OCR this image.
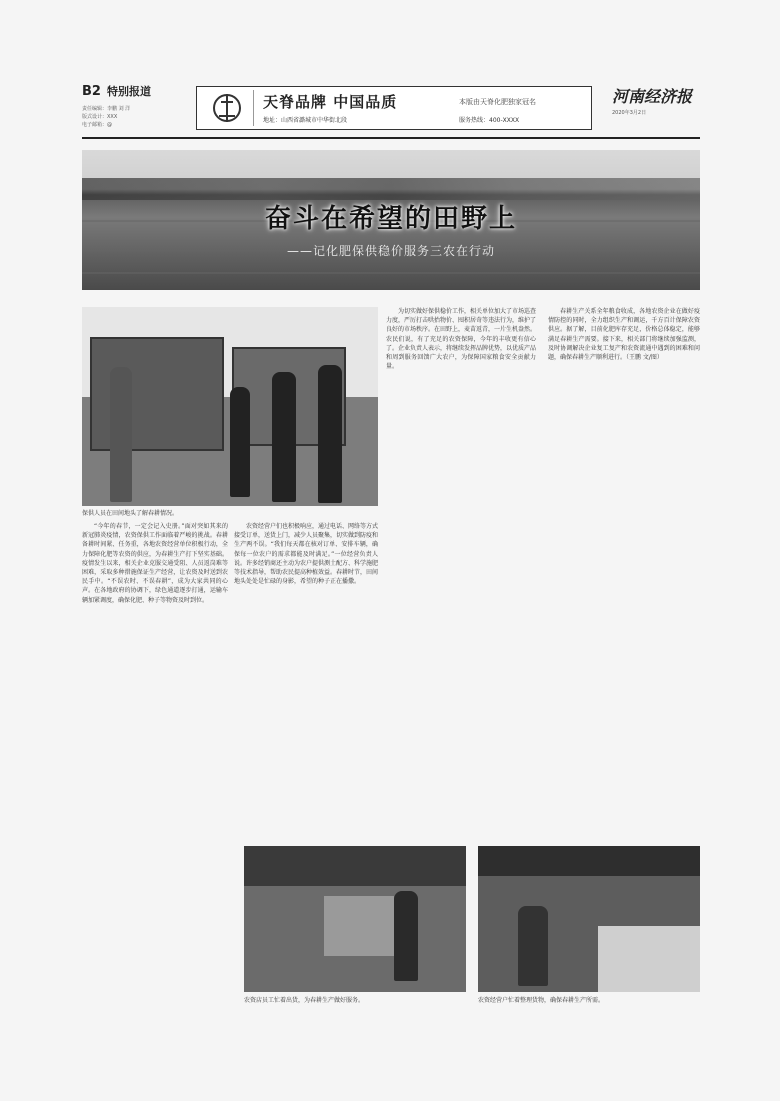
B2 特别报道
责任编辑：李鹏 刘 洋
版式设计：XXX
电子邮箱：@
天脊品牌 中国品质	本版由天脊化肥独家冠名
地址：山西省潞城市中华街北段	服务热线：400-XXXX
河南经济报
2020年3月2日
奋斗在希望的田野上
——记化肥保供稳价服务三农在行动
保供人员在田间地头了解春耕情况。

“今年的春节，一定会记入史册。”面对突如其来的新冠肺炎疫情，农资保供工作面临着严峻的挑战。春耕备耕时间紧、任务重，各地农资经营单位积极行动，全力保障化肥等农资的供应，为春耕生产打下坚实基础。疫情发生以来，相关企业克服交通受阻、人员返岗难等困难，采取多种措施保证生产经营，让农资及时送到农民手中。“不误农时、不误春耕”，成为大家共同的心声。在各地政府的协调下，绿色通道逐步打通，运输车辆加紧调度，确保化肥、种子等物资及时到位。

农资经营户们也积极响应，通过电话、网络等方式接受订单，送货上门，减少人员聚集，切实做到防疫和生产两不误。“我们每天都在核对订单、安排车辆，确保每一位农户的需求都能及时满足。”一位经营负责人说。许多经销商还主动为农户提供测土配方、科学施肥等技术指导，帮助农民提高种植效益。春耕时节，田间地头处处是忙碌的身影，希望的种子正在播撒。

为切实做好保供稳价工作，相关单位加大了市场巡查力度，严厉打击哄抬物价、囤积居奇等违法行为，维护了良好的市场秩序。在田野上，麦苗返青，一片生机盎然。农民们说，有了充足的农资保障，今年的丰收更有信心了。企业负责人表示，将继续发挥品牌优势，以优质产品和周到服务回馈广大农户，为保障国家粮食安全贡献力量。

春耕生产关系全年粮食收成，各地农资企业在做好疫情防控的同时，全力组织生产和调运，千方百计保障农资供应。据了解，目前化肥库存充足，价格总体稳定，能够满足春耕生产需要。接下来，相关部门将继续加强监测，及时协调解决企业复工复产和农资流通中遇到的困难和问题，确保春耕生产顺利进行。（王鹏 文/图）

农资店员工忙着出货，为春耕生产做好服务。	农资经营户忙着整理货物，确保春耕生产所需。
